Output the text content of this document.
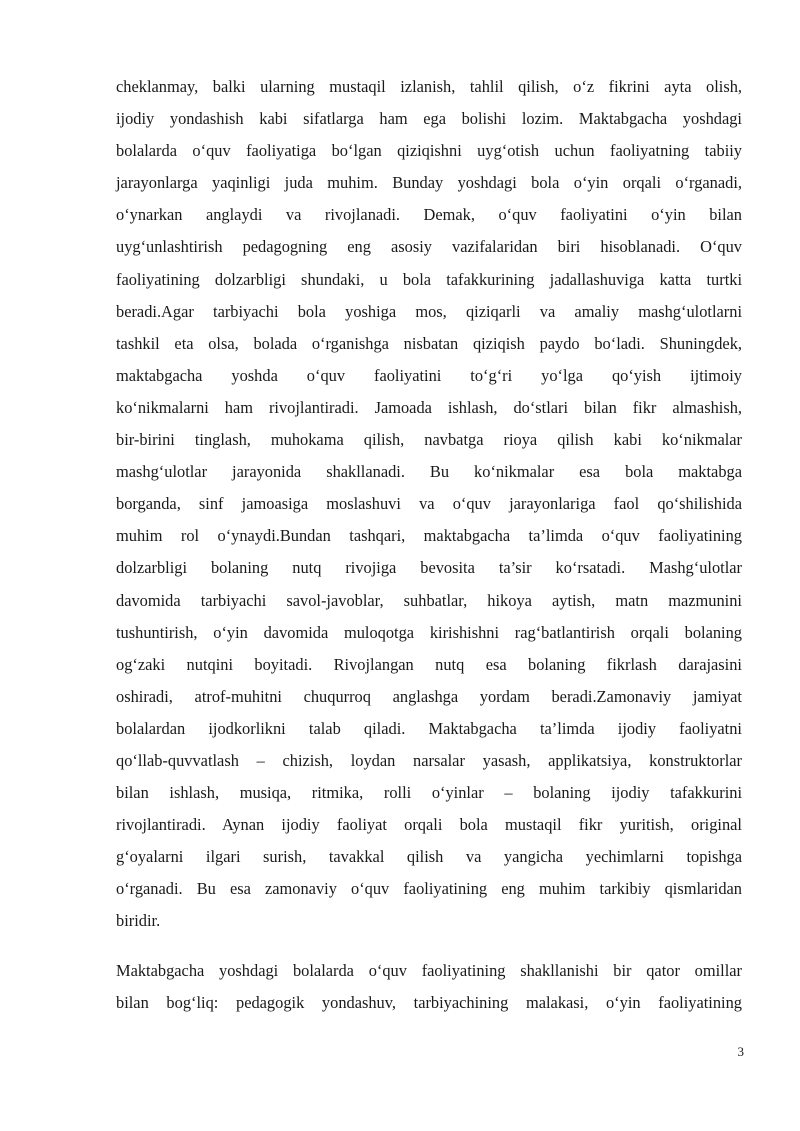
cheklanmay, balki ularning mustaqil izlanish, tahlil qilish, o‘z fikrini ayta olish,
ijodiy yondashish kabi sifatlarga ham ega bolishi lozim. Maktabgacha yoshdagi
bolalarda o‘quv faoliyatiga bo‘lgan qiziqishni uyg‘otish uchun faoliyatning tabiiy
jarayonlarga yaqinligi juda muhim. Bunday yoshdagi bola o‘yin orqali o‘rganadi,
o‘ynarkan anglaydi va rivojlanadi. Demak, o‘quv faoliyatini o‘yin bilan
uyg‘unlashtirish pedagogning eng asosiy vazifalaridan biri hisoblanadi. O‘quv
faoliyatining dolzarbligi shundaki, u bola tafakkurining jadallashuviga katta turtki
beradi.Agar tarbiyachi bola yoshiga mos, qiziqarli va amaliy mashg‘ulotlarni
tashkil eta olsa, bolada o‘rganishga nisbatan qiziqish paydo bo‘ladi. Shuningdek,
maktabgacha yoshda o‘quv faoliyatini to‘g‘ri yo‘lga qo‘yish ijtimoiy
ko‘nikmalarni ham rivojlantiradi. Jamoada ishlash, do‘stlari bilan fikr almashish,
bir-birini tinglash, muhokama qilish, navbatga rioya qilish kabi ko‘nikmalar
mashg‘ulotlar jarayonida shakllanadi. Bu ko‘nikmalar esa bola maktabga
borganda, sinf jamoasiga moslashuvi va o‘quv jarayonlariga faol qo‘shilishida
muhim rol o‘ynaydi.Bundan tashqari, maktabgacha ta’limda o‘quv faoliyatining
dolzarbligi bolaning nutq rivojiga bevosita ta’sir ko‘rsatadi. Mashg‘ulotlar
davomida tarbiyachi savol-javoblar, suhbatlar, hikoya aytish, matn mazmunini
tushuntirish, o‘yin davomida muloqotga kirishishni rag‘batlantirish orqali bolaning
og‘zaki nutqini boyitadi. Rivojlangan nutq esa bolaning fikrlash darajasini
oshiradi, atrof-muhitni chuqurroq anglashga yordam beradi.Zamonaviy jamiyat
bolalardan ijodkorlikni talab qiladi. Maktabgacha ta’limda ijodiy faoliyatni
qo‘llab-quvvatlash – chizish, loydan narsalar yasash, applikatsiya, konstruktorlar
bilan ishlash, musiqa, ritmika, rolli o‘yinlar – bolaning ijodiy tafakkurini
rivojlantiradi. Aynan ijodiy faoliyat orqali bola mustaqil fikr yuritish, original
g‘oyalarni ilgari surish, tavakkal qilish va yangicha yechimlarni topishga
o‘rganadi. Bu esa zamonaviy o‘quv faoliyatining eng muhim tarkibiy qismlaridan
biridir.
Maktabgacha yoshdagi bolalarda o‘quv faoliyatining shakllanishi bir qator omillar
bilan bog‘liq: pedagogik yondashuv, tarbiyachining malakasi, o‘yin faoliyatining
3
